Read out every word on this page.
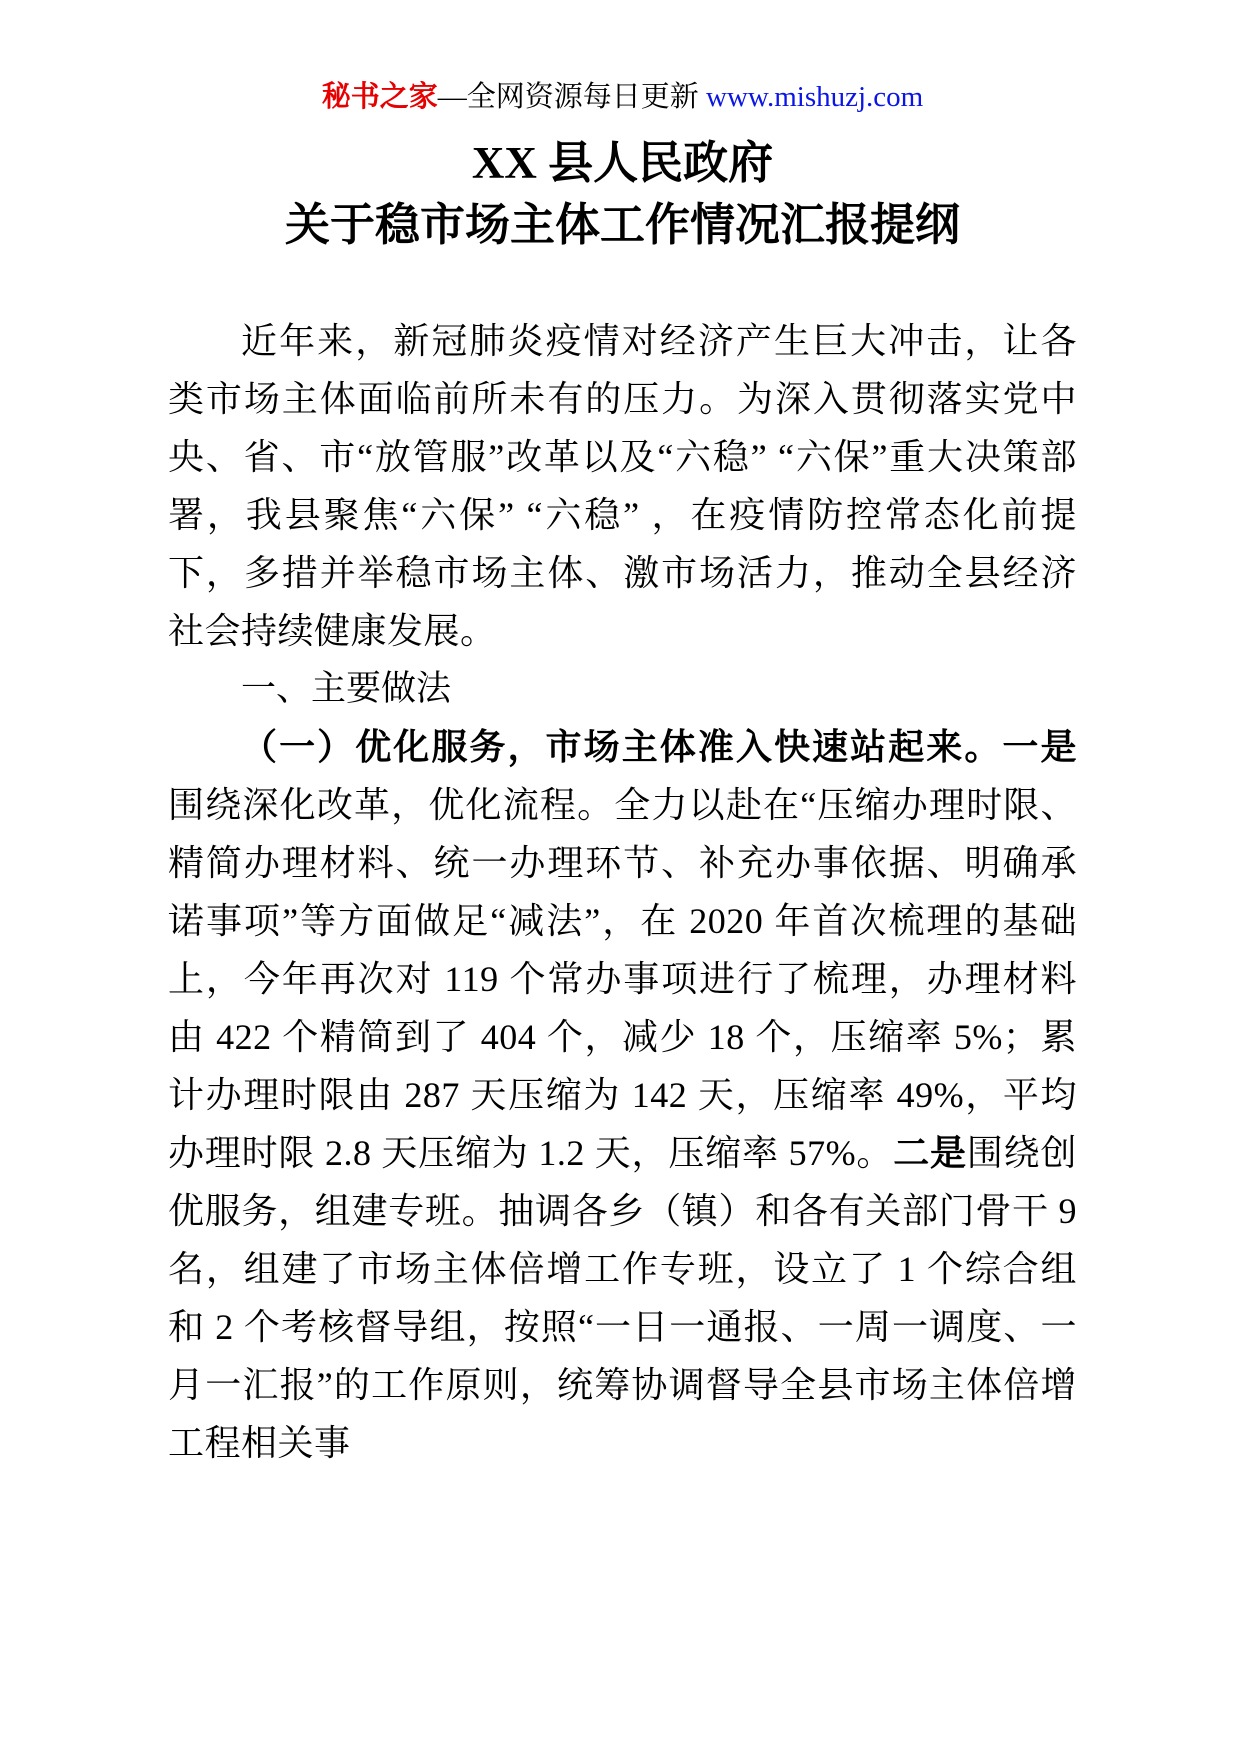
秘书之家—全网资源每日更新 www.mishuzj.com
XX 县人民政府
关于稳市场主体工作情况汇报提纲

近年来，新冠肺炎疫情对经济产生巨大冲击，让各类市场主体面临前所未有的压力。为深入贯彻落实党中央、省、市“放管服”改革以及“六稳” “六保”重大决策部署，我县聚焦“六保” “六稳” ，在疫情防控常态化前提下，多措并举稳市场主体、激市场活力，推动全县经济社会持续健康发展。

一、主要做法

（一）优化服务，市场主体准入快速站起来。一是围绕深化改革，优化流程。全力以赴在“压缩办理时限、精简办理材料、统一办理环节、补充办事依据、明确承诺事项”等方面做足“减法”，在 2020 年首次梳理的基础上，今年再次对 119 个常办事项进行了梳理，办理材料由 422 个精简到了 404 个，减少 18 个，压缩率 5%；累计办理时限由 287 天压缩为 142 天，压缩率 49%，平均办理时限 2.8 天压缩为 1.2 天，压缩率 57%。二是围绕创优服务，组建专班。抽调各乡（镇）和各有关部门骨干 9 名，组建了市场主体倍增工作专班，设立了 1 个综合组和 2 个考核督导组，按照“一日一通报、一周一调度、一月一汇报”的工作原则，统筹协调督导全县市场主体倍增工程相关事
